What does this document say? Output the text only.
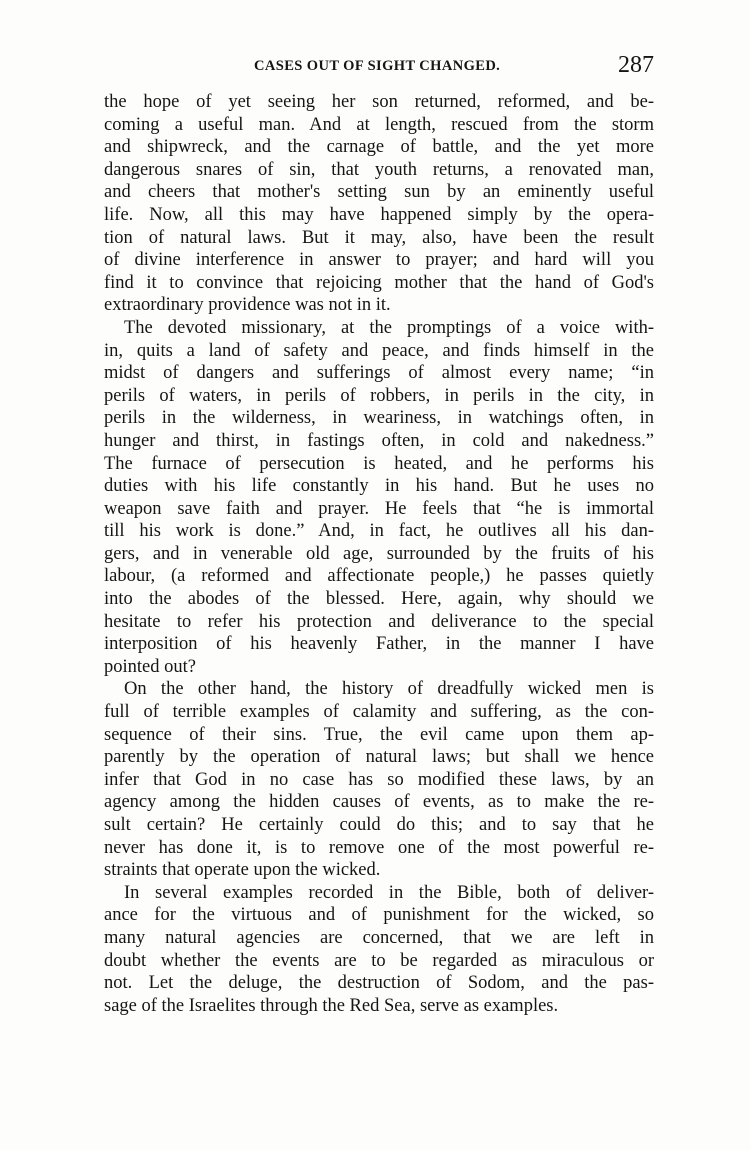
CASES OUT OF SIGHT CHANGED.	287

the hope of yet seeing her son returned, reformed, and be-
coming a useful man. And at length, rescued from the storm
and shipwreck, and the carnage of battle, and the yet more
dangerous snares of sin, that youth returns, a renovated man,
and cheers that mother's setting sun by an eminently useful
life. Now, all this may have happened simply by the opera-
tion of natural laws. But it may, also, have been the result
of divine interference in answer to prayer; and hard will you
find it to convince that rejoicing mother that the hand of God's
extraordinary providence was not in it.

The devoted missionary, at the promptings of a voice with-
in, quits a land of safety and peace, and finds himself in the
midst of dangers and sufferings of almost every name; “in
perils of waters, in perils of robbers, in perils in the city, in
perils in the wilderness, in weariness, in watchings often, in
hunger and thirst, in fastings often, in cold and nakedness.”
The furnace of persecution is heated, and he performs his
duties with his life constantly in his hand. But he uses no
weapon save faith and prayer. He feels that “he is immortal
till his work is done.” And, in fact, he outlives all his dan-
gers, and in venerable old age, surrounded by the fruits of his
labour, (a reformed and affectionate people,) he passes quietly
into the abodes of the blessed. Here, again, why should we
hesitate to refer his protection and deliverance to the special
interposition of his heavenly Father, in the manner I have
pointed out?

On the other hand, the history of dreadfully wicked men is
full of terrible examples of calamity and suffering, as the con-
sequence of their sins. True, the evil came upon them ap-
parently by the operation of natural laws; but shall we hence
infer that God in no case has so modified these laws, by an
agency among the hidden causes of events, as to make the re-
sult certain? He certainly could do this; and to say that he
never has done it, is to remove one of the most powerful re-
straints that operate upon the wicked.

In several examples recorded in the Bible, both of deliver-
ance for the virtuous and of punishment for the wicked, so
many natural agencies are concerned, that we are left in
doubt whether the events are to be regarded as miraculous or
not. Let the deluge, the destruction of Sodom, and the pas-
sage of the Israelites through the Red Sea, serve as examples.
